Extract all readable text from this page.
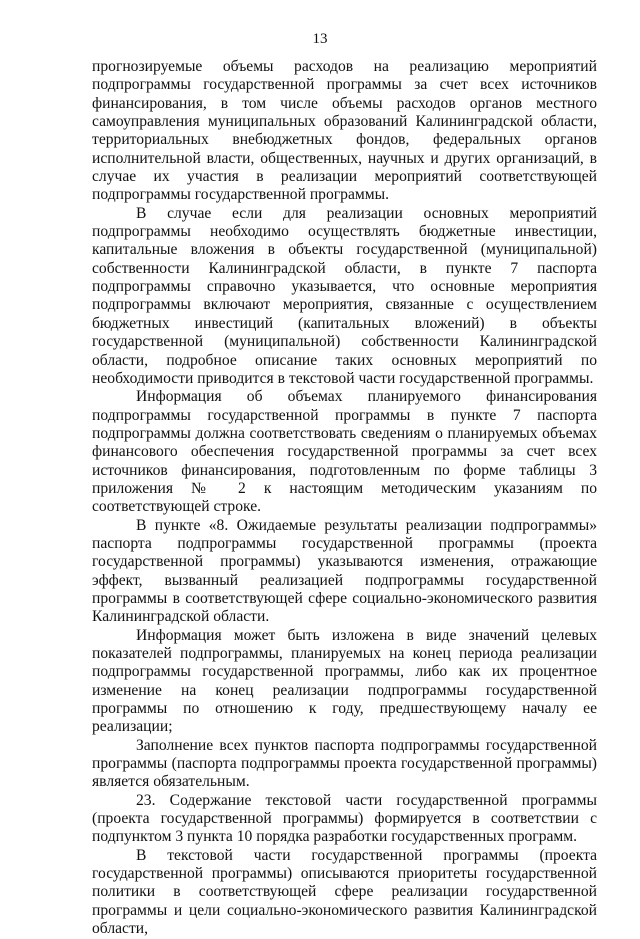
13

прогнозируемые объемы расходов на реализацию мероприятий подпрограммы государственной программы за счет всех источников финансирования, в том числе объемы расходов органов местного самоуправления муниципальных образований Калининградской области, территориальных внебюджетных фондов, федеральных органов исполнительной власти, общественных, научных и других организаций, в случае их участия в реализации мероприятий соответствующей подпрограммы государственной программы.

В случае если для реализации основных мероприятий подпрограммы необходимо осуществлять бюджетные инвестиции, капитальные вложения в объекты государственной (муниципальной) собственности Калининградской области, в пункте 7 паспорта подпрограммы справочно указывается, что основные мероприятия подпрограммы включают мероприятия, связанные с осуществлением бюджетных инвестиций (капитальных вложений) в объекты государственной (муниципальной) собственности Калининградской области, подробное описание таких основных мероприятий по необходимости приводится в текстовой части государственной программы.

Информация об объемах планируемого финансирования подпрограммы государственной программы в пункте 7 паспорта подпрограммы должна соответствовать сведениям о планируемых объемах финансового обеспечения государственной программы за счет всех источников финансирования, подготовленным по форме таблицы 3 приложения № 2 к настоящим методическим указаниям по соответствующей строке.

В пункте «8. Ожидаемые результаты реализации подпрограммы» паспорта подпрограммы государственной программы (проекта государственной программы) указываются изменения, отражающие эффект, вызванный реализацией подпрограммы государственной программы в соответствующей сфере социально-экономического развития Калининградской области.

Информация может быть изложена в виде значений целевых показателей подпрограммы, планируемых на конец периода реализации подпрограммы государственной программы, либо как их процентное изменение на конец реализации подпрограммы государственной программы по отношению к году, предшествующему началу ее реализации;

Заполнение всех пунктов паспорта подпрограммы государственной программы (паспорта подпрограммы проекта государственной программы) является обязательным.

23. Содержание текстовой части государственной программы (проекта государственной программы) формируется в соответствии с подпунктом 3 пункта 10 порядка разработки государственных программ.

В текстовой части государственной программы (проекта государственной программы) описываются приоритеты государственной политики в соответствующей сфере реализации государственной программы и цели социально-экономического развития Калининградской области,
